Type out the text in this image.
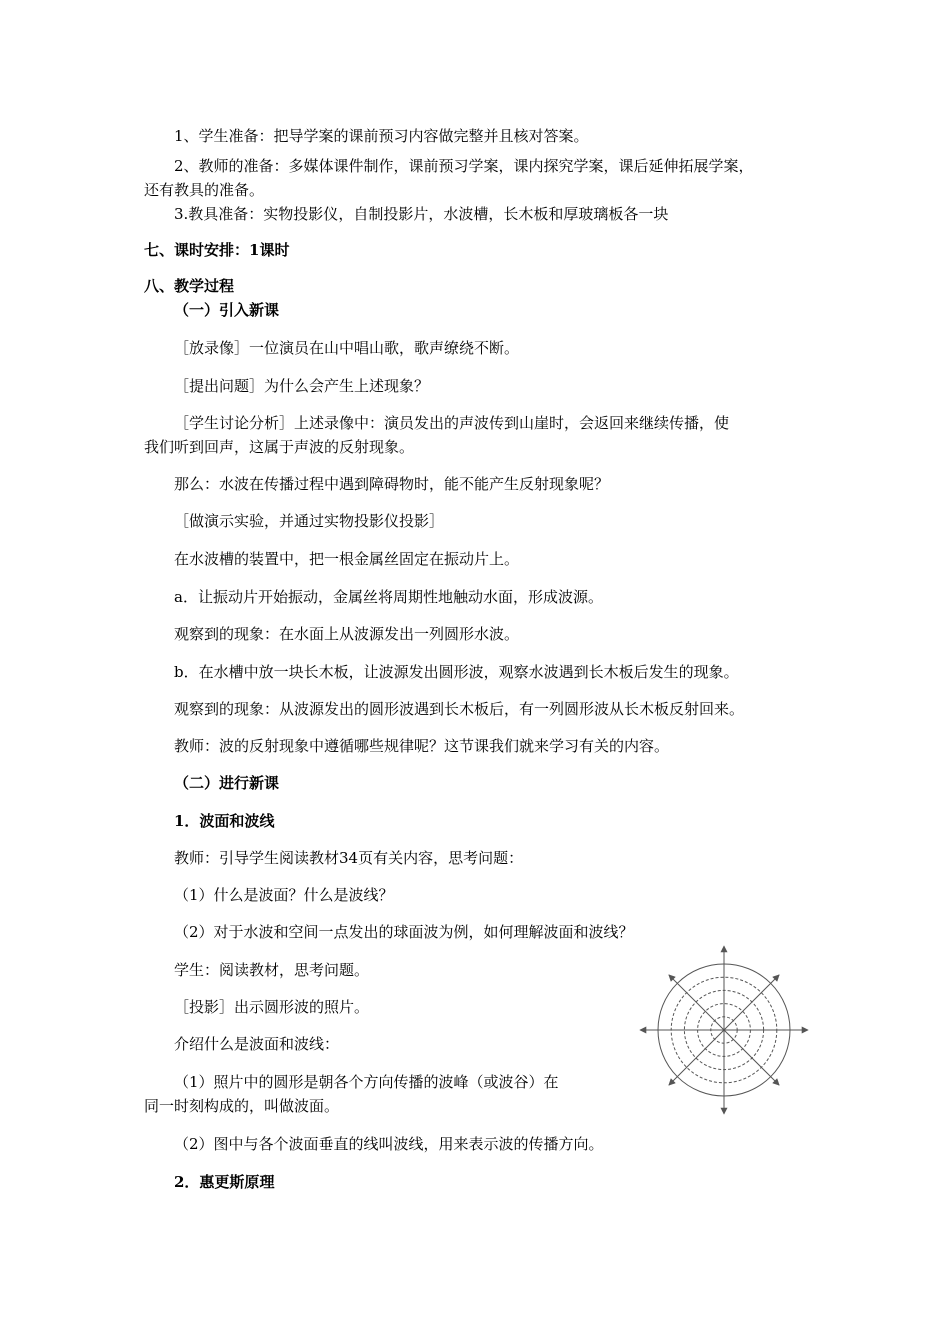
1、学生准备：把导学案的课前预习内容做完整并且核对答案。
2、教师的准备：多媒体课件制作，课前预习学案，课内探究学案，课后延伸拓展学案，
还有教具的准备。
3.教具准备：实物投影仪，自制投影片，水波槽，长木板和厚玻璃板各一块
七、课时安排：1课时
八、教学过程
（一）引入新课
［放录像］一位演员在山中唱山歌，歌声缭绕不断。
［提出问题］为什么会产生上述现象？
［学生讨论分析］上述录像中：演员发出的声波传到山崖时，会返回来继续传播，使
我们听到回声，这属于声波的反射现象。
那么：水波在传播过程中遇到障碍物时，能不能产生反射现象呢？
［做演示实验，并通过实物投影仪投影］
在水波槽的装置中，把一根金属丝固定在振动片上。
a．让振动片开始振动，金属丝将周期性地触动水面，形成波源。
观察到的现象：在水面上从波源发出一列圆形水波。
b．在水槽中放一块长木板，让波源发出圆形波，观察水波遇到长木板后发生的现象。
观察到的现象：从波源发出的圆形波遇到长木板后，有一列圆形波从长木板反射回来。
教师：波的反射现象中遵循哪些规律呢？这节课我们就来学习有关的内容。
（二）进行新课
1．波面和波线
教师：引导学生阅读教材34页有关内容，思考问题：
（1）什么是波面？什么是波线？
（2）对于水波和空间一点发出的球面波为例，如何理解波面和波线？
学生：阅读教材，思考问题。
［投影］出示圆形波的照片。
介绍什么是波面和波线：
（1）照片中的圆形是朝各个方向传播的波峰（或波谷）在
同一时刻构成的，叫做波面。
（2）图中与各个波面垂直的线叫波线，用来表示波的传播方向。
2．惠更斯原理
